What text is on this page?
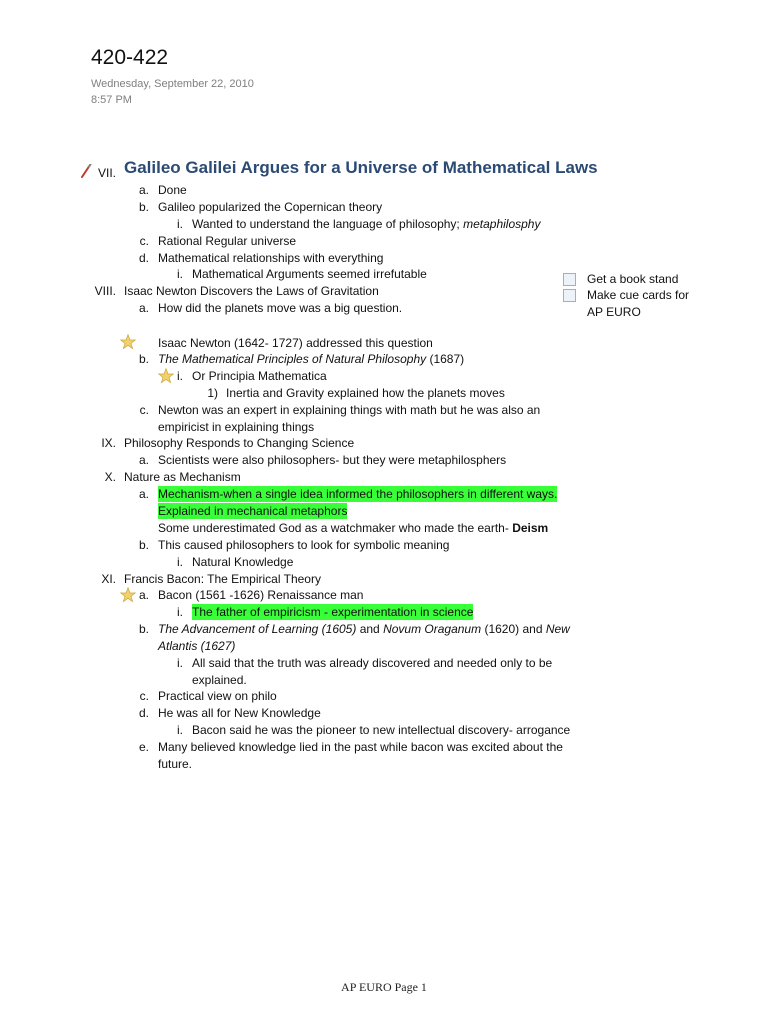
420-422
Wednesday, September 22, 2010
8:57 PM
VII. Galileo Galilei Argues for a Universe of Mathematical Laws
a. Done
b. Galileo popularized the Copernican theory
i. Wanted to understand the language of philosophy; metaphilosphy
c. Rational Regular universe
d. Mathematical relationships with everything
i. Mathematical Arguments seemed irrefutable
VIII. Isaac Newton Discovers the Laws of Gravitation
a. How did the planets move was a big question.
Isaac Newton (1642- 1727) addressed this question
b. The Mathematical Principles of Natural Philosophy (1687)
i. Or Principia Mathematica
1) Inertia and Gravity explained how the planets moves
c. Newton was an expert in explaining things with math but he was also an
empiricist in explaining things
IX. Philosophy Responds to Changing Science
a. Scientists were also philosophers- but they were metaphilosphers
X. Nature as Mechanism
a. Mechanism-when a single idea informed the philosophers in different ways.
Explained in mechanical metaphors
Some underestimated God as a watchmaker who made the earth- Deism
b. This caused philosophers to look for symbolic meaning
i. Natural Knowledge
XI. Francis Bacon: The Empirical Theory
a. Bacon (1561 -1626) Renaissance man
i. The father of empiricism - experimentation in science
b. The Advancement of Learning (1605) and Novum Oraganum (1620) and New
Atlantis (1627)
i. All said that the truth was already discovered and needed only to be
explained.
c. Practical view on philo
d. He was all for New Knowledge
i. Bacon said he was the pioneer to new intellectual discovery- arrogance
e. Many believed knowledge lied in the past while bacon was excited about the
future.
Get a book stand
Make cue cards for
AP EURO
AP EURO Page 1
